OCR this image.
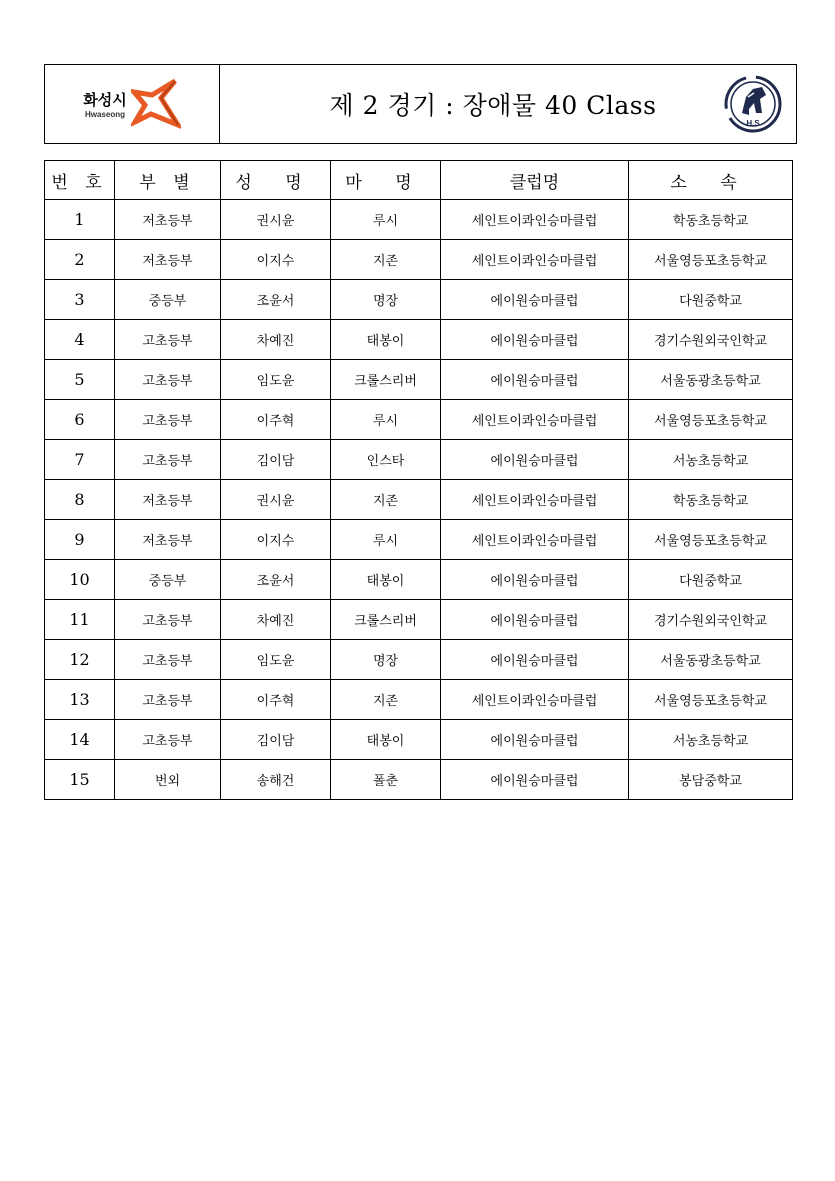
화성시
Hwaseong	제 2 경기 : 장애물 40 Class
H.S
번 호	부 별	성 명	마 명	클럽명	소 속
1	저초등부	권시윤	루시	세인트이콰인승마클럽	학동초등학교
2	저초등부	이지수	지존	세인트이콰인승마클럽	서울영등포초등학교
3	중등부	조윤서	명장	에이원승마클럽	다원중학교
4	고초등부	차예진	태봉이	에이원승마클럽	경기수원외국인학교
5	고초등부	임도윤	크롤스리버	에이원승마클럽	서울동광초등학교
6	고초등부	이주혁	루시	세인트이콰인승마클럽	서울영등포초등학교
7	고초등부	김이담	인스타	에이원승마클럽	서농초등학교
8	저초등부	권시윤	지존	세인트이콰인승마클럽	학동초등학교
9	저초등부	이지수	루시	세인트이콰인승마클럽	서울영등포초등학교
10	중등부	조윤서	태봉이	에이원승마클럽	다원중학교
11	고초등부	차예진	크롤스리버	에이원승마클럽	경기수원외국인학교
12	고초등부	임도윤	명장	에이원승마클럽	서울동광초등학교
13	고초등부	이주혁	지존	세인트이콰인승마클럽	서울영등포초등학교
14	고초등부	김이담	태봉이	에이원승마클럽	서농초등학교
15	번외	송해건	폴춘	에이원승마클럽	봉담중학교
